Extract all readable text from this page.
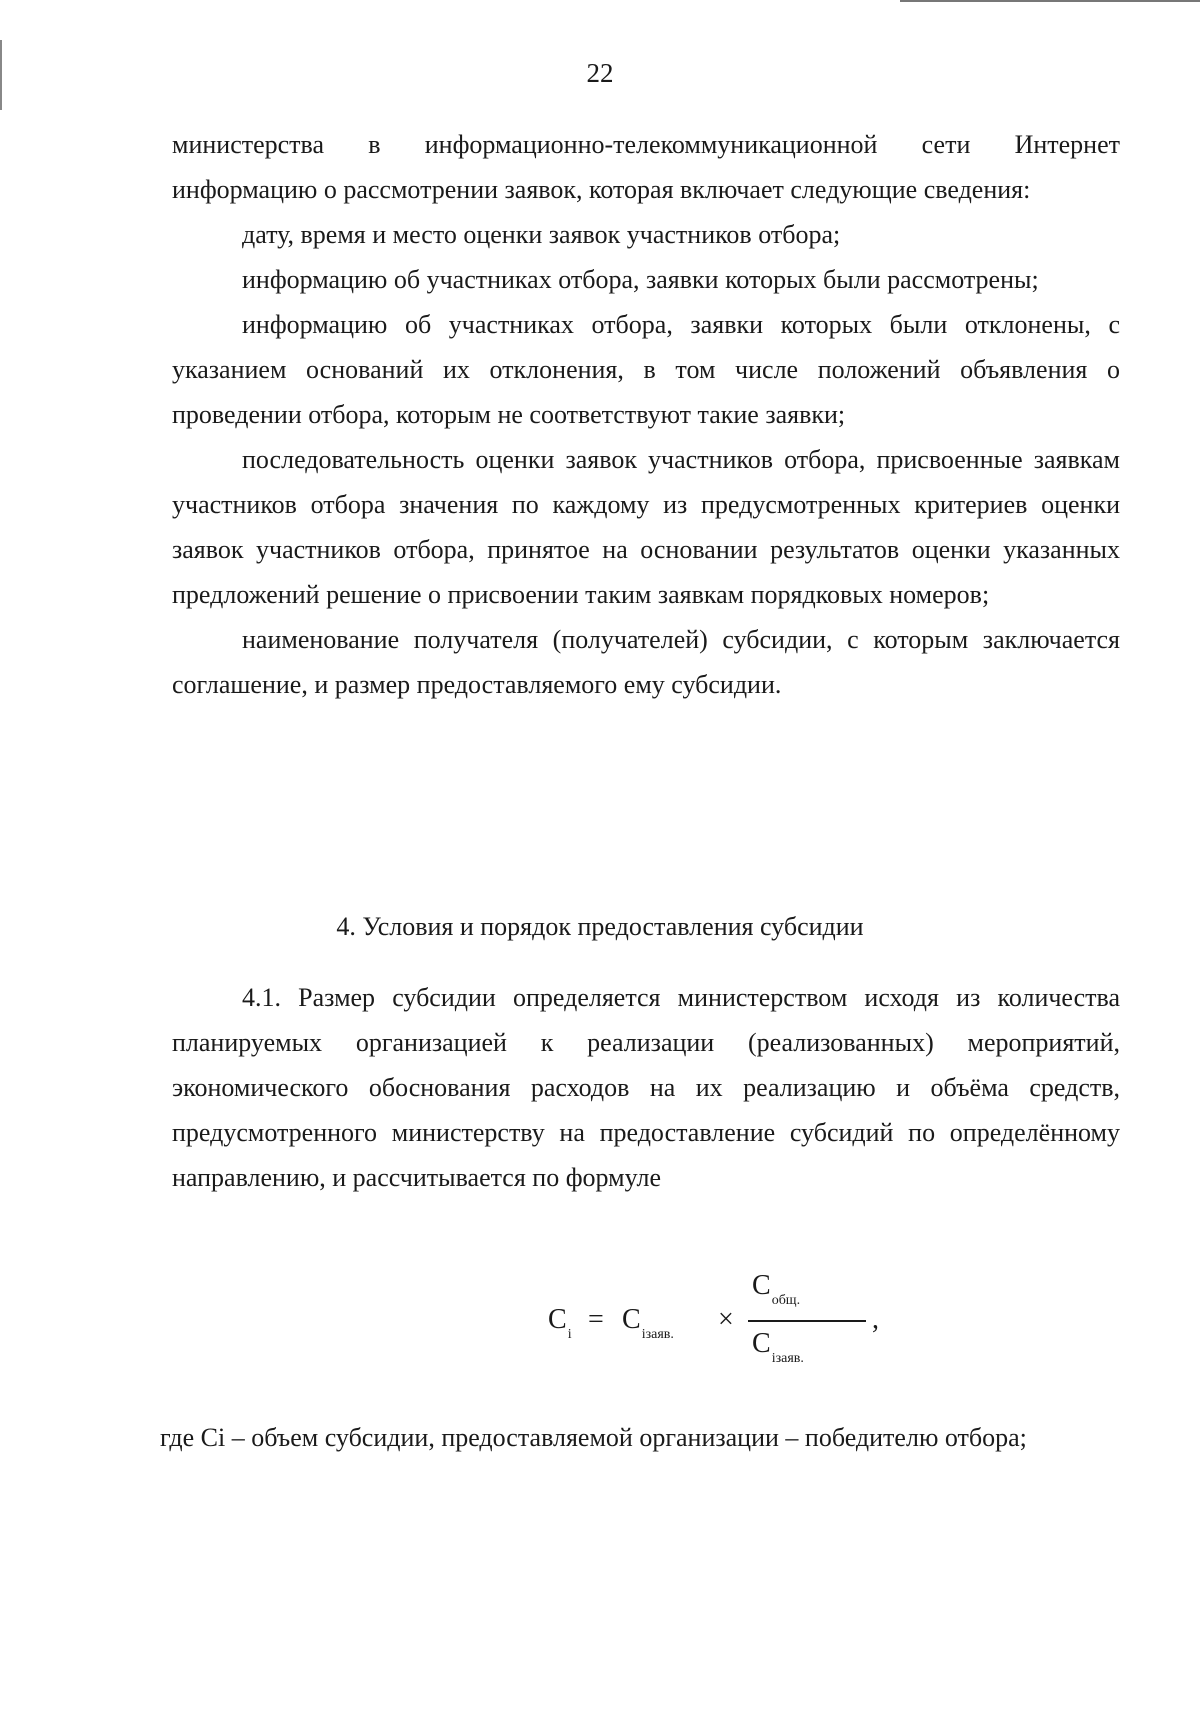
22

министерства в информационно-телекоммуникационной сети Интернет информацию о рассмотрении заявок, которая включает следующие сведения:

дату, время и место оценки заявок участников отбора;

информацию об участниках отбора, заявки которых были рассмотрены;

информацию об участниках отбора, заявки которых были отклонены, с указанием оснований их отклонения, в том числе положений объявления о проведении отбора, которым не соответствуют такие заявки;

последовательность оценки заявок участников отбора, присвоенные заявкам участников отбора значения по каждому из предусмотренных критериев оценки заявок участников отбора, принятое на основании результатов оценки указанных предложений решение о присвоении таким заявкам порядковых номеров;

наименование получателя (получателей) субсидии, с которым заключается соглашение, и размер предоставляемого ему субсидии.

4. Условия и порядок предоставления субсидии

4.1. Размер субсидии определяется министерством исходя из количества планируемых организацией к реализации (реализованных) мероприятий, экономического обоснования расходов на их реализацию и объёма средств, предусмотренного министерству на предоставление субсидий по определённому направлению, и рассчитывается по формуле

$C_i = C_{iзаяв.}$ ×
$C_{общ.}$
$C_{iзаяв.}$
,

где Ci – объем субсидии, предоставляемой организации – победителю отбора;
